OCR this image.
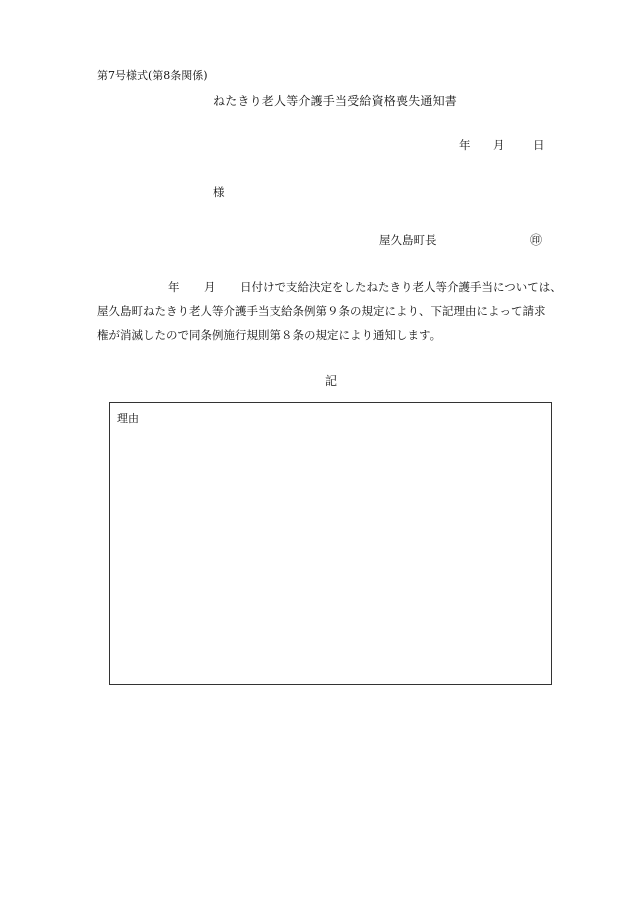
第7号様式(第8条関係)
ねたきり老人等介護手当受給資格喪失通知書
年 月 日
様
屋久島町長	㊞
年 月 日付けで支給決定をしたねたきり老人等介護手当については、
屋久島町ねたきり老人等介護手当支給条例第９条の規定により、下記理由によって請求
権が消滅したので同条例施行規則第８条の規定により通知します。
記
理由
